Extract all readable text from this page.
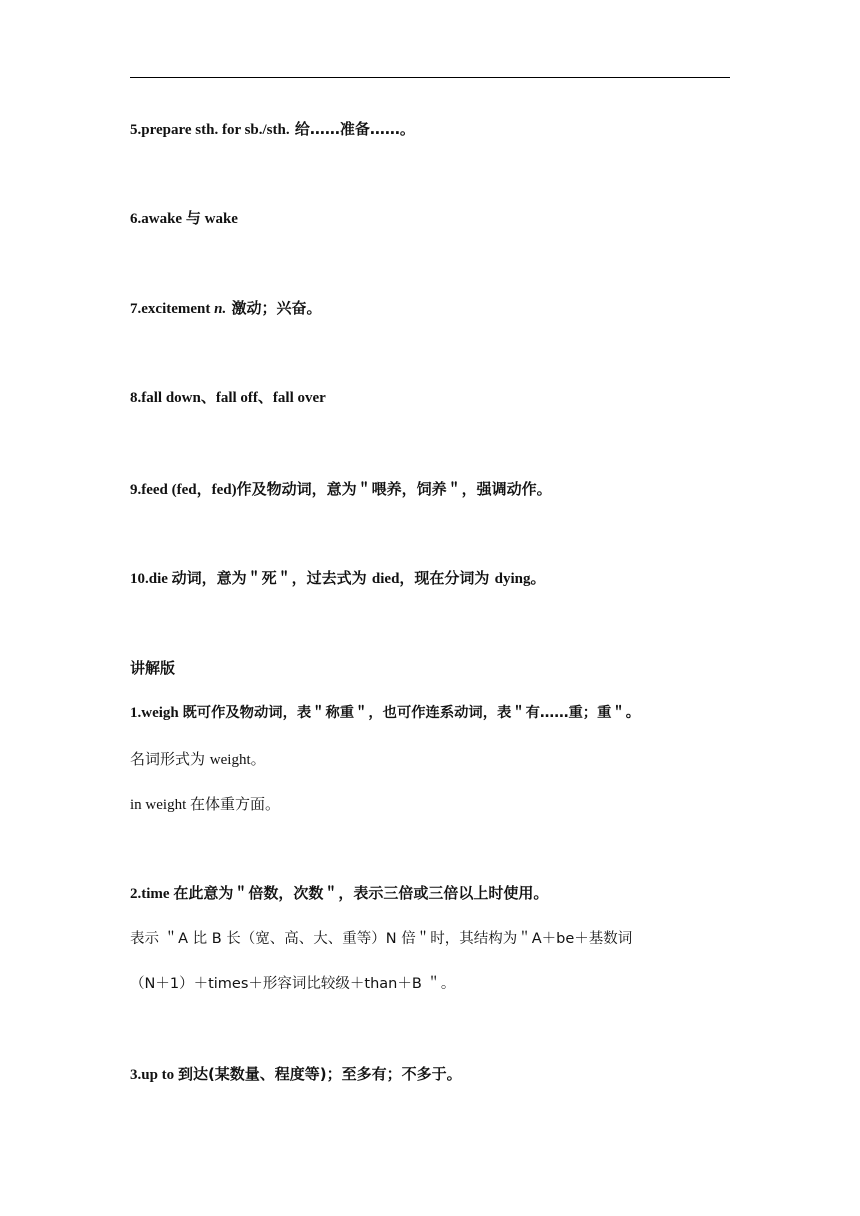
5.prepare sth. for sb./sth. 给……准备……。
6.awake 与 wake
7.excitement n. 激动；兴奋。
8.fall down、fall off、fall over
9.feed (fed，fed)作及物动词，意为＂喂养，饲养＂，强调动作。
10.die 动词，意为＂死＂，过去式为 died，现在分词为 dying。
讲解版
1.weigh 既可作及物动词，表＂称重＂，也可作连系动词，表＂有……重；重＂。
名词形式为 weight。
in weight 在体重方面。
2.time 在此意为＂倍数，次数＂，表示三倍或三倍以上时使用。
表示 ＂A 比 B 长（宽、高、大、重等）N 倍＂时，其结构为＂A＋be＋基数词
（N＋1）＋times＋形容词比较级＋than＋B ＂。
3.up to 到达(某数量、程度等)；至多有；不多于。
